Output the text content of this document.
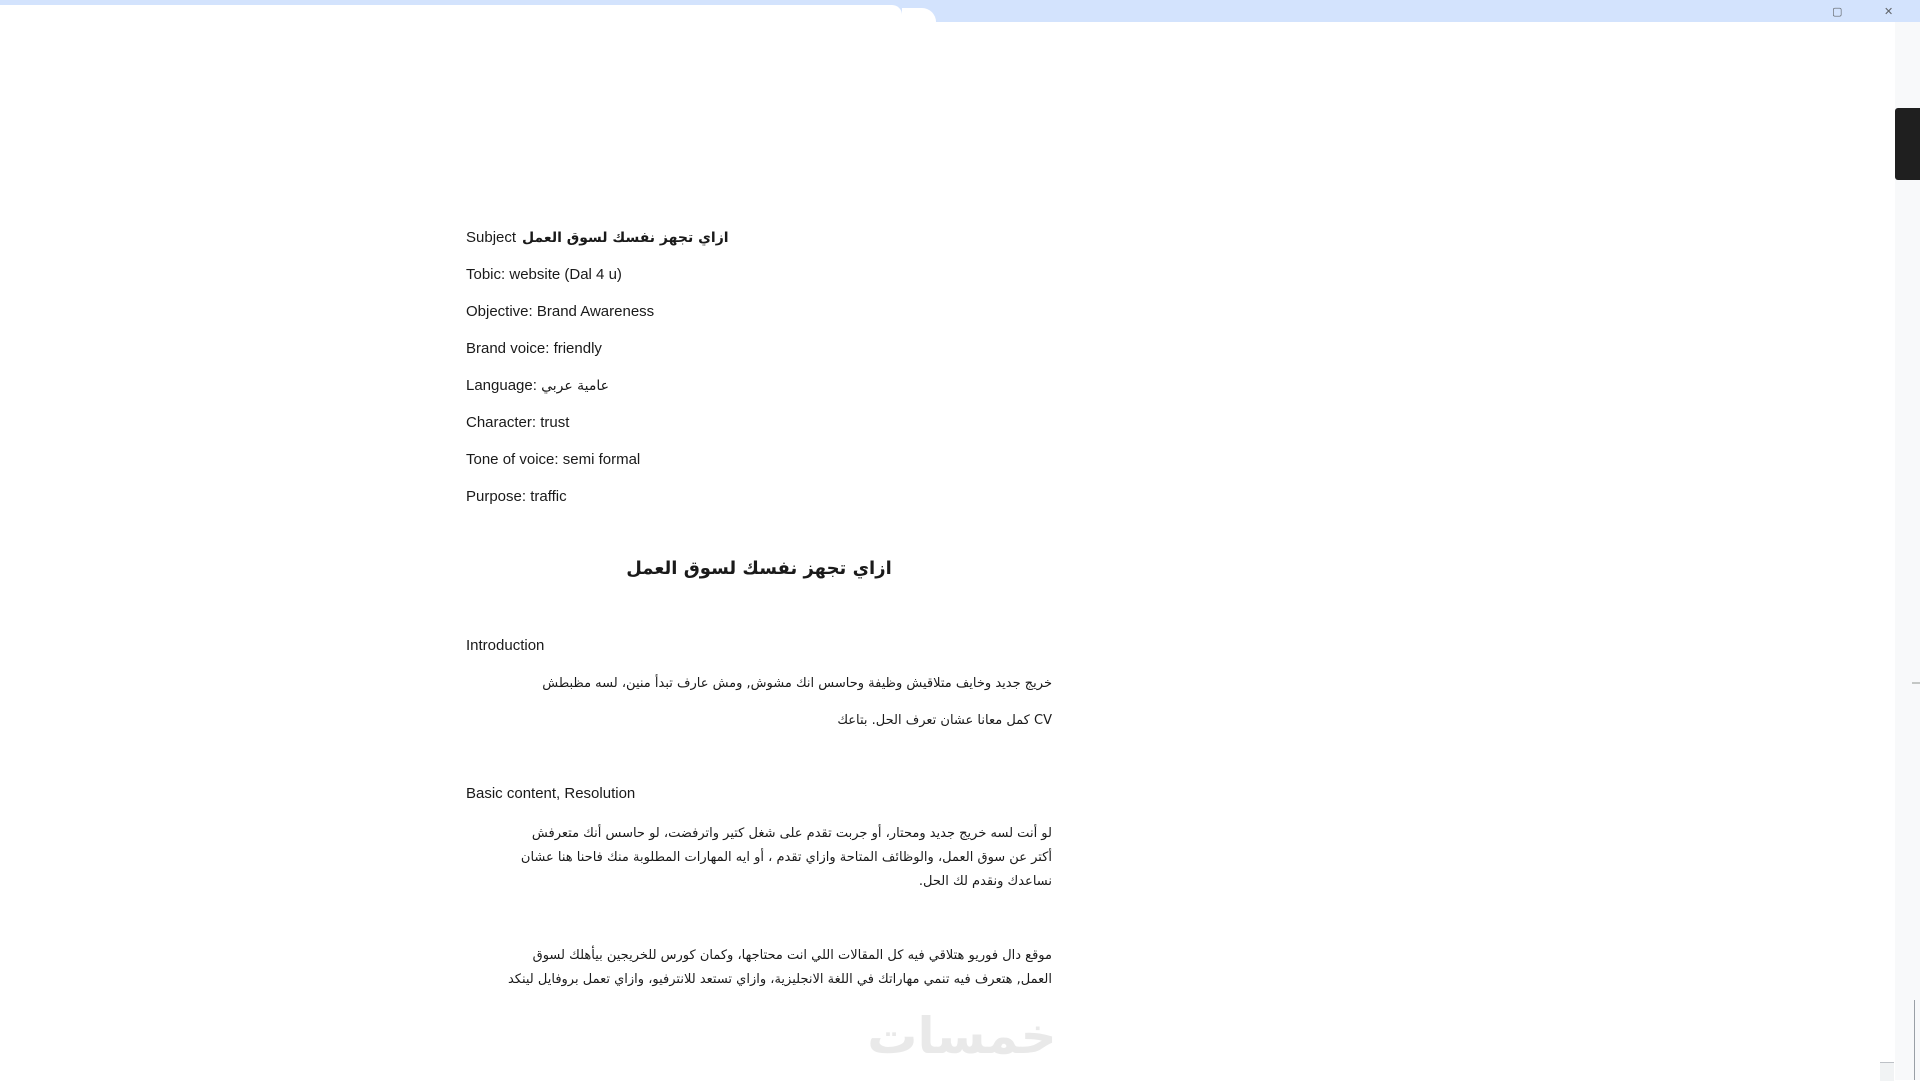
▢	✕
Subject ازاي تجهز نفسك لسوق العمل
Tobic: website (Dal 4 u)
Objective: Brand Awareness
Brand voice: friendly
Language: عامية عربي
Character: trust
Tone of voice: semi formal
Purpose: traffic
ازاي تجهز نفسك لسوق العمل
Introduction
خريج جديد وخايف متلاقيش وظيفة وحاسس انك مشوش, ومش عارف تبدأ منين، لسه مظبطش
CV كمل معانا عشان تعرف الحل. بتاعك
Basic content, Resolution
لو أنت لسه خريج جديد ومحتار، أو جربت تقدم على شغل كتير واترفضت، لو حاسس أنك متعرفش
أكتر عن سوق العمل، والوظائف المتاحة وازاي تقدم ، أو ايه المهارات المطلوبة منك فاحنا هنا عشان
نساعدك ونقدم لك الحل.
موقع دال فوريو هتلاقي فيه كل المقالات اللي انت محتاجها، وكمان كورس للخريجين بيأهلك لسوق
العمل, هتعرف فيه تنمي مهاراتك في اللغة الانجليزية، وازاي تستعد للانترفيو، وازاي تعمل بروفايل لينكد
خمسات
